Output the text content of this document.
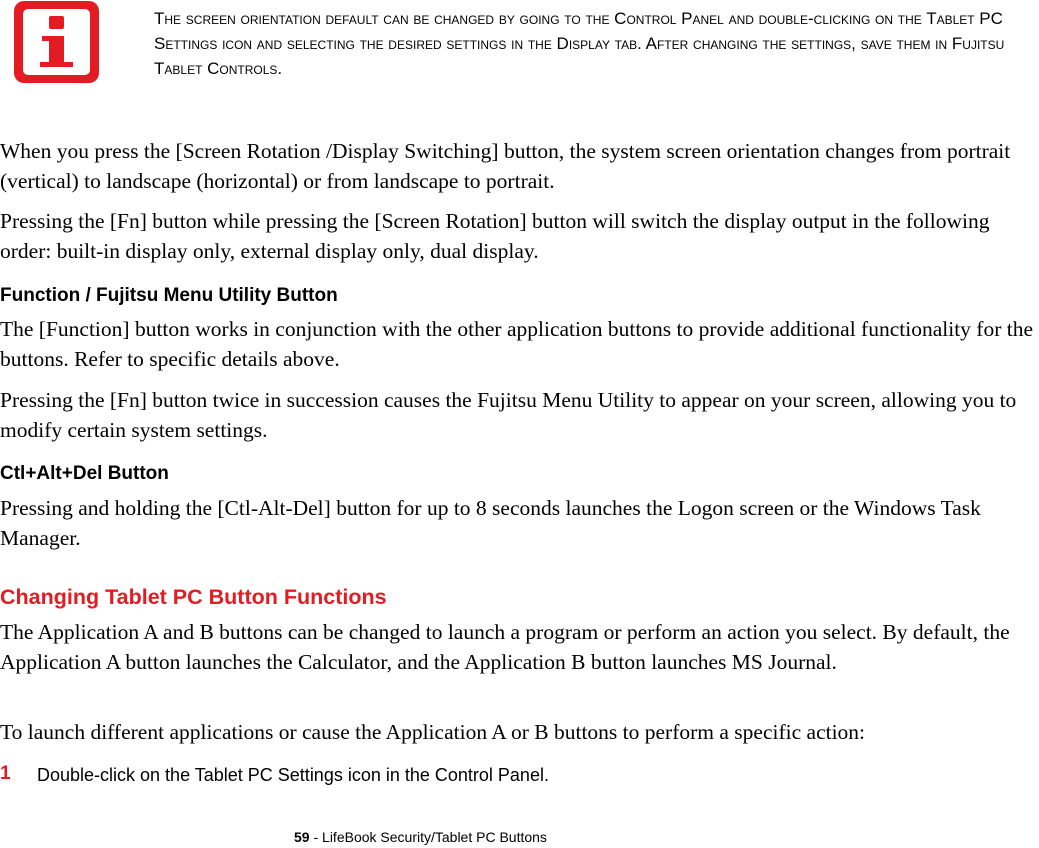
The screen orientation default can be changed by going to the Control Panel and double-clicking on the Tablet PC Settings icon and selecting the desired settings in the Display tab. After changing the settings, save them in Fujitsu Tablet Controls.

When you press the [Screen Rotation /Display Switching] button, the system screen orientation changes from portrait (vertical) to landscape (horizontal) or from landscape to portrait.

Pressing the [Fn] button while pressing the [Screen Rotation] button will switch the display output in the following order: built-in display only, external display only, dual display.

Function / Fujitsu Menu Utility Button

The [Function] button works in conjunction with the other application buttons to provide additional functionality for the buttons. Refer to specific details above.

Pressing the [Fn] button twice in succession causes the Fujitsu Menu Utility to appear on your screen, allowing you to modify certain system settings.

Ctl+Alt+Del Button

Pressing and holding the [Ctl-Alt-Del] button for up to 8 seconds launches the Logon screen or the Windows Task Manager.

Changing Tablet PC Button Functions

The Application A and B buttons can be changed to launch a program or perform an action you select. By default, the Application A button launches the Calculator, and the Application B button launches MS Journal.

To launch different applications or cause the Application A or B buttons to perform a specific action:

1 Double-click on the Tablet PC Settings icon in the Control Panel.
59 - LifeBook Security/Tablet PC Buttons
